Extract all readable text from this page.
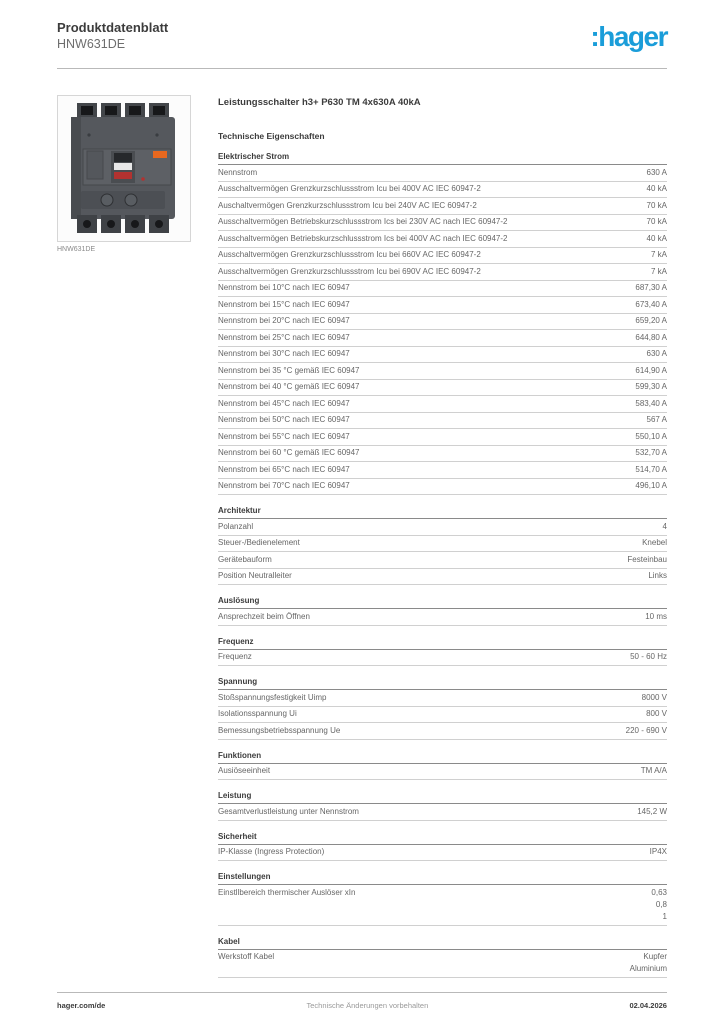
Produktdatenblatt
HNW631DE	:hager
HNW631DE
Leistungsschalter h3+ P630 TM 4x630A 40kA
Technische Eigenschaften
Elektrischer Strom
Nennstrom	630 A
Ausschaltvermögen Grenzkurzschlussstrom Icu bei 400V AC IEC 60947-2	40 kA
Auschaltvermögen Grenzkurzschlussstrom Icu bei 240V AC IEC 60947-2	70 kA
Ausschaltvermögen Betriebskurzschlussstrom Ics bei 230V AC nach IEC 60947-2	70 kA
Ausschaltvermögen Betriebskurzschlussstrom Ics bei 400V AC nach IEC 60947-2	40 kA
Ausschaltvermögen Grenzkurzschlussstrom Icu bei 660V AC IEC 60947-2	7 kA
Ausschaltvermögen Grenzkurzschlussstrom Icu bei 690V AC IEC 60947-2	7 kA
Nennstrom bei 10°C nach IEC 60947	687,30 A
Nennstrom bei 15°C nach IEC 60947	673,40 A
Nennstrom bei 20°C nach IEC 60947	659,20 A
Nennstrom bei 25°C nach IEC 60947	644,80 A
Nennstrom bei 30°C nach IEC 60947	630 A
Nennstrom bei 35 °C gemäß IEC 60947	614,90 A
Nennstrom bei 40 °C gemäß IEC 60947	599,30 A
Nennstrom bei 45°C nach IEC 60947	583,40 A
Nennstrom bei 50°C nach IEC 60947	567 A
Nennstrom bei 55°C nach IEC 60947	550,10 A
Nennstrom bei 60 °C gemäß IEC 60947	532,70 A
Nennstrom bei 65°C nach IEC 60947	514,70 A
Nennstrom bei 70°C nach IEC 60947	496,10 A
Architektur
Polanzahl	4
Steuer-/Bedienelement	Knebel
Gerätebauform	Festeinbau
Position Neutralleiter	Links
Auslösung
Ansprechzeit beim Öffnen	10 ms
Frequenz
Frequenz	50 - 60 Hz
Spannung
Stoßspannungsfestigkeit Uimp	8000 V
Isolationsspannung Ui	800 V
Bemessungsbetriebsspannung Ue	220 - 690 V
Funktionen
Ausiöseeinheit	TM A/A
Leistung
Gesamtverlustleistung unter Nennstrom	145,2 W
Sicherheit
IP-Klasse (Ingress Protection)	IP4X
Einstellungen
Einstllbereich thermischer Auslöser xIn	0,63
0,8
1
Kabel
Werkstoff Kabel	Kupfer
Aluminium
hager.com/de	Technische Änderungen vorbehalten	02.04.2026
